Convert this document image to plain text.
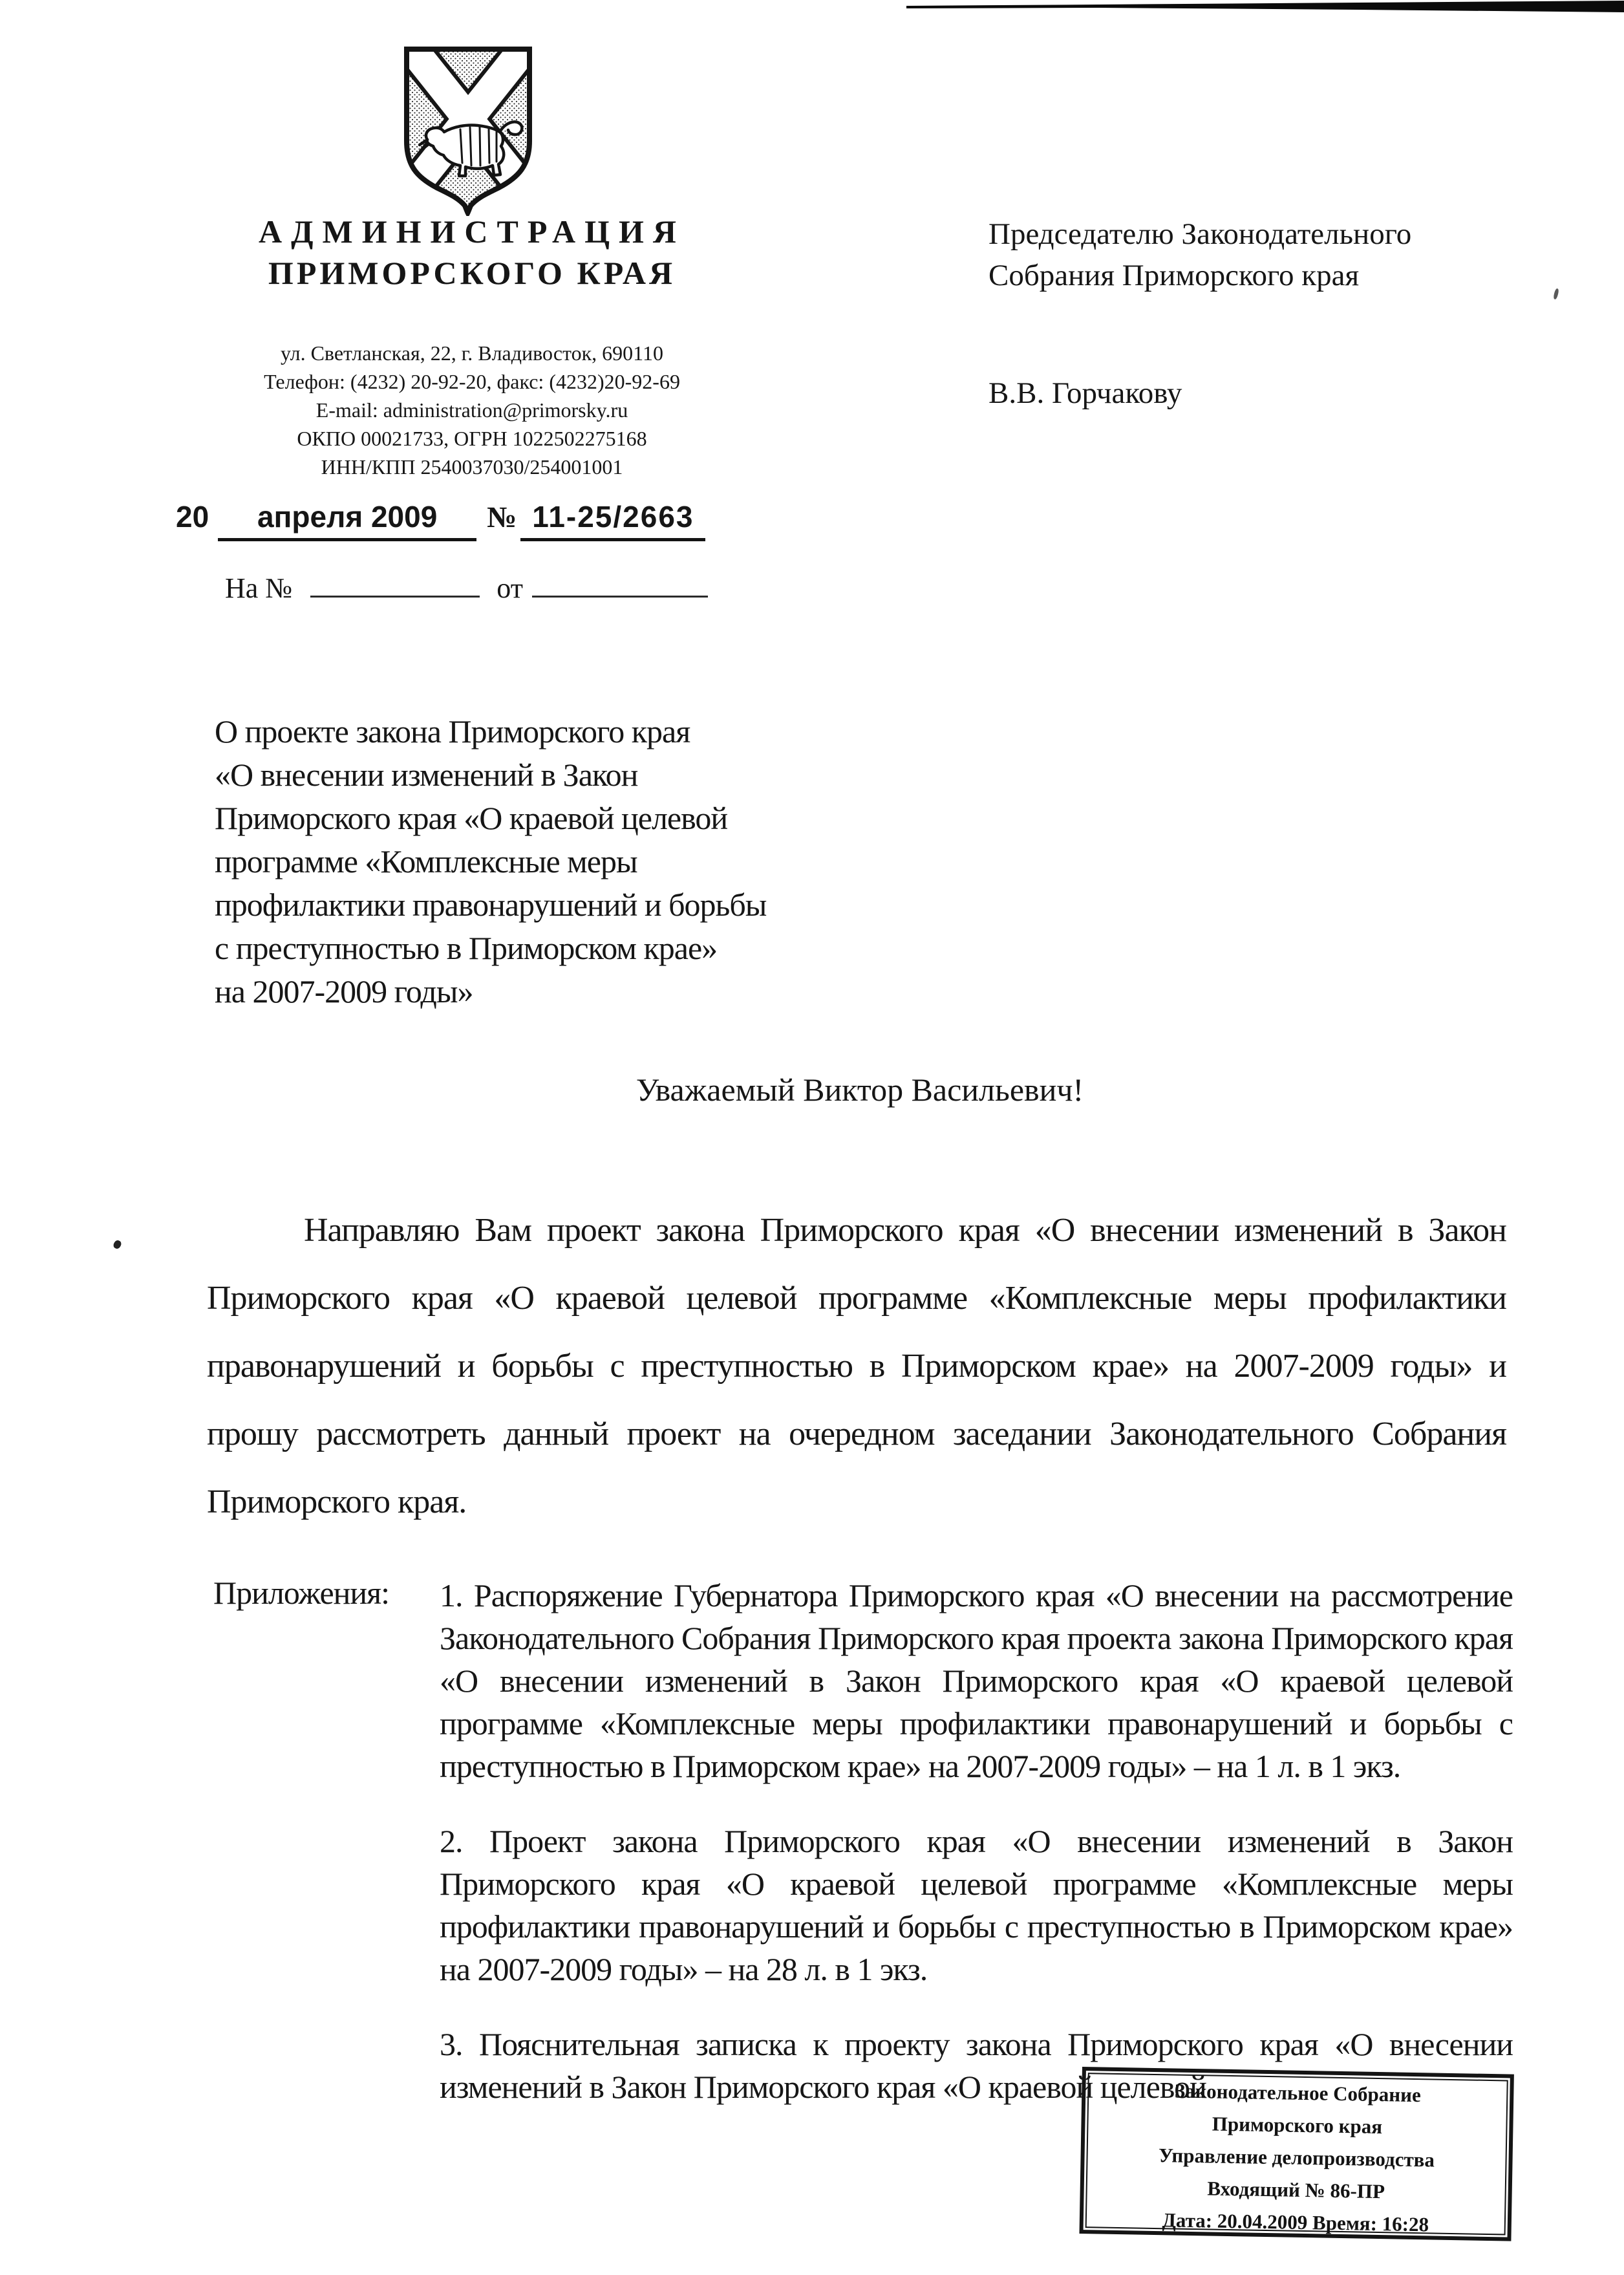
АДМИНИСТРАЦИЯ
ПРИМОРСКОГО КРАЯ
ул. Светланская, 22, г. Владивосток, 690110
Телефон: (4232) 20-92-20, факс: (4232)20-92-69
E-mail: administration@primorsky.ru
ОКПО 00021733, ОГРН 1022502275168
ИНН/КПП 2540037030/254001001
20 апреля 2009 № 11-25/2663
На №	от
Председателю Законодательного
Собрания Приморского края
В.В. Горчакову
О проекте закона Приморского края
«О внесении изменений в Закон
Приморского края «О краевой целевой
программе «Комплексные меры
профилактики правонарушений и борьбы
с преступностью в Приморском крае»
на 2007-2009 годы»
Уважаемый Виктор Васильевич!

Направляю Вам проект закона Приморского края «О внесении изменений в Закон Приморского края «О краевой целевой программе «Комплексные меры профилактики правонарушений и борьбы с преступностью в Приморском крае» на 2007-2009 годы» и прошу рассмотреть данный проект на очередном заседании Законодательного Собрания Приморского края.

Приложения: 1. Распоряжение Губернатора Приморского края «О внесении на рассмотрение Законодательного Собрания Приморского края проекта закона Приморского края «О внесении изменений в Закон Приморского края «О краевой целевой программе «Комплексные меры профилактики правонарушений и борьбы с преступностью в Приморском крае» на 2007-2009 годы» – на 1 л. в 1 экз.
2. Проект закона Приморского края «О внесении изменений в Закон Приморского края «О краевой целевой программе «Комплексные меры профилактики правонарушений и борьбы с преступностью в Приморском крае» на 2007-2009 годы» – на 28 л. в 1 экз.
3. Пояснительная записка к проекту закона Приморского края «О внесении изменений в Закон Приморского края «О краевой целевой
Законодательное Собрание
Приморского края
Управление делопроизводства
Входящий № 86-ПР
Дата: 20.04.2009 Время: 16:28
